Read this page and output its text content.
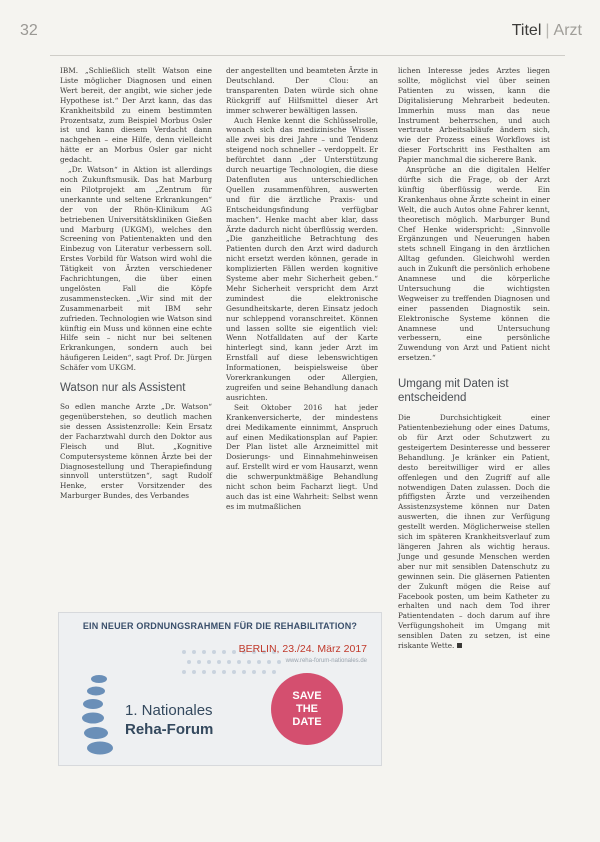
32	Titel | Arzt

IBM. „Schließlich stellt Watson eine Liste möglicher Diagnosen und einen Wert bereit, der angibt, wie sicher jede Hypothese ist.“ Der Arzt kann, das das Krankheitsbild zu einem bestimmten Prozentsatz, zum Beispiel Morbus Osler ist und kann diesem Verdacht dann nachgehen – eine Hilfe, denn vielleicht hätte er an Morbus Osler gar nicht gedacht.

„Dr. Watson“ in Aktion ist allerdings noch Zukunftsmusik. Das hat Marburg ein Pilotprojekt am „Zentrum für unerkannte und seltene Erkrankungen“ der von der Rhön-Klinikum AG betriebenen Universitätskliniken Gießen und Marburg (UKGM), welches den Screening von Patientenakten und den Einbezug von Literatur verbessern soll. Erstes Vorbild für Watson wird wohl die Tätigkeit von Ärzten verschiedener Fachrichtungen, die über einen ungelösten Fall die Köpfe zusammenstecken. „Wir sind mit der Zusammenarbeit mit IBM sehr zufrieden. Technologien wie Watson sind künftig ein Muss und können eine echte Hilfe sein – nicht nur bei seltenen Erkrankungen, sondern auch bei häufigeren Leiden“, sagt Prof. Dr. Jürgen Schäfer vom UKGM.

Watson nur als Assistent

So edlen manche Arzte „Dr. Watson“ gegenüberstehen, so deutlich machen sie dessen Assistenzrolle: Kein Ersatz der Facharztwahl durch den Doktor aus Fleisch und Blut. „Kognitive Computersysteme können Ärzte bei der Diagnosestellung und Therapiefindung sinnvoll unterstützen“, sagt Rudolf Henke, erster Vorsitzender des Marburger Bundes, des Verbandes

der angestellten und beamteten Ärzte in Deutschland. Der Clou: an transparenten Daten würde sich ohne Rückgriff auf Hilfsmittel dieser Art immer schwerer bewältigen lassen.

Auch Henke kennt die Schlüsselrolle, wonach sich das medizinische Wissen alle zwei bis drei Jahre – und Tendenz steigend noch schneller – verdoppelt. Er befürchtet dann „der Unterstützung durch neuartige Technologien, die diese Datenfluten aus unterschiedlichen Quellen zusammenführen, auswerten und für die ärztliche Praxis- und Entscheidungsfindung verfügbar machen“. Henke macht aber klar, dass Ärzte dadurch nicht überflüssig werden. „Die ganzheitliche Betrachtung des Patienten durch den Arzt wird dadurch nicht ersetzt werden können, gerade in komplizierten Fällen werden kognitive Systeme aber mehr Sicherheit geben.“ Mehr Sicherheit verspricht dem Arzt zumindest die elektronische Gesundheitskarte, deren Einsatz jedoch nur schleppend voranschreitet. Können und lassen sollte sie eigentlich viel: Wenn Notfalldaten auf der Karte hinterlegt sind, kann jeder Arzt im Ernstfall auf diese lebenswichtigen Informationen, beispielsweise über Vorerkrankungen oder Allergien, zugreifen und seine Behandlung danach ausrichten.

Seit Oktober 2016 hat jeder Krankenversicherte, der mindestens drei Medikamente einnimmt, Anspruch auf einen Medikationsplan auf Papier. Der Plan listet alle Arzneimittel mit Dosierungs- und Einnahmehinweisen auf. Erstellt wird er vom Hausarzt, wenn die schwerpunktmäßige Behandlung nicht schon beim Facharzt liegt. Und auch das ist eine Wahrheit: Selbst wenn es im mutmaßlichen

lichen Interesse jedes Arztes liegen sollte, möglichst viel über seinen Patienten zu wissen, kann die Digitalisierung Mehrarbeit bedeuten. Immerhin muss man das neue Instrument beherrschen, und auch vertraute Arbeitsabläufe ändern sich, wie der Prozess eines Workflows ist dieser Fortschritt ins Festhalten am Papier manchmal die sicherere Bank.

Ansprüche an die digitalen Helfer dürfte sich die Frage, ob der Arzt künftig überflüssig werde. Ein Krankenhaus ohne Ärzte scheint in einer Welt, die auch Autos ohne Fahrer kennt, theoretisch möglich. Marburger Bund Chef Henke widerspricht: „Sinnvolle Ergänzungen und Neuerungen haben stets schnell Eingang in den ärztlichen Alltag gefunden. Gleichwohl werden auch in Zukunft die persönlich erhobene Anamnese und die körperliche Untersuchung die wichtigsten Wegweiser zu treffenden Diagnosen und einer passenden Diagnostik sein. Elektronische Systeme können die Anamnese und Untersuchung verbessern, eine persönliche Zuwendung von Arzt und Patient nicht ersetzen.“

Umgang mit Daten ist entscheidend

Die Durchsichtigkeit einer Patientenbeziehung oder eines Datums, ob für Arzt oder Schutzwert zu gesteigertem Desinteresse und besserer Behandlung. Je kränker ein Patient, desto bereitwilliger wird er alles offenlegen und den Zugriff auf alle notwendigen Daten zulassen. Doch die pfiffigsten Ärzte und verzeihenden Assistenzsysteme können nur Daten auswerten, die ihnen zur Verfügung gestellt werden. Möglicherweise stellen sich im späteren Krankheitsverlauf zum längeren Jahren als wichtig heraus. Junge und gesunde Menschen werden aber nur mit sensiblen Datenschutz zu gewinnen sein. Die gläsernen Patienten der Zukunft mögen die Reise auf Facebook posten, um beim Katheter zu erhalten und nach dem Tod ihrer Patientendaten – doch darum auf ihre Verfügungshoheit im Umgang mit sensiblen Daten zu setzen, ist eine riskante Wette.

EIN NEUER ORDNUNGSRAHMEN FÜR DIE REHABILITATION?
BERLIN, 23./24. März 2017
www.reha-forum-nationales.de
1. Nationales
Reha-Forum
SAVE
THE
DATE
